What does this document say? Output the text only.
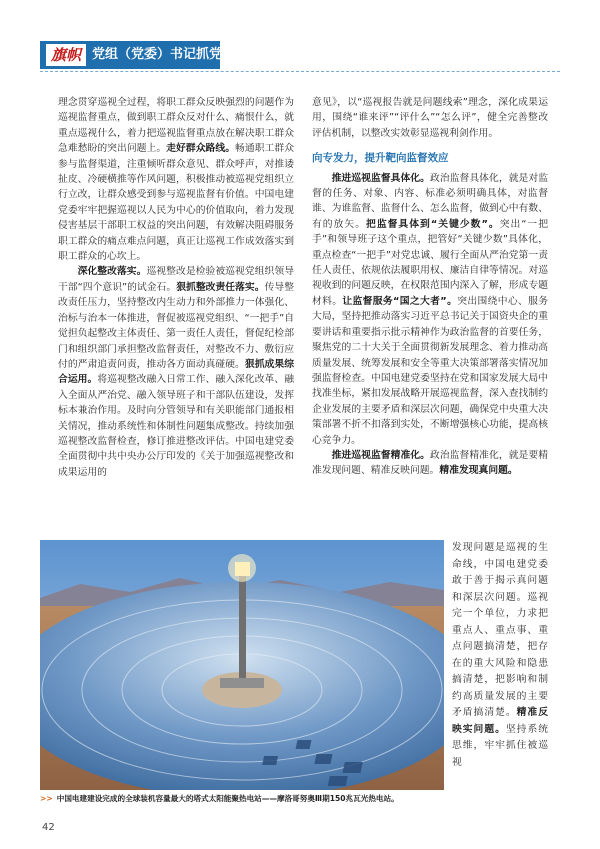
旗帜 党组（党委）书记抓党建

理念贯穿巡视全过程，将职工群众反映强烈的问题作为巡视监督重点，做到职工群众反对什么、痛恨什么，就重点巡视什么，着力把巡视监督重点放在解决职工群众急难愁盼的突出问题上。走好群众路线。畅通职工群众参与监督渠道，注重倾听群众意见、群众呼声，对推诿扯皮、冷硬横推等作风问题，积极推动被巡视党组织立行立改，让群众感受到参与巡视监督有价值。中国电建党委牢牢把握巡视以人民为中心的价值取向，着力发现侵害基层干部职工权益的突出问题，有效解决阻碍服务职工群众的痛点难点问题，真正让巡视工作成效落实到职工群众的心坎上。

深化整改落实。巡视整改是检验被巡视党组织领导干部“四个意识”的试金石。狠抓整改责任落实。传导整改责任压力，坚持整改内生动力和外部推力一体强化、治标与治本一体推进，督促被巡视党组织、“一把手”自觉担负起整改主体责任、第一责任人责任，督促纪检部门和组织部门承担整改监督责任，对整改不力、敷衍应付的严肃追责问责，推动各方面动真碰硬。狠抓成果综合运用。将巡视整改融入日常工作、融入深化改革、融入全面从严治党、融入领导班子和干部队伍建设，发挥标本兼治作用。及时向分管领导和有关职能部门通报相关情况，推动系统性和体制性问题集成整改。持续加强巡视整改监督检查，修订推进整改评估。中国电建党委全面贯彻中共中央办公厅印发的《关于加强巡视整改和成果运用的

意见》，以“巡视报告就是问题线索”理念，深化成果运用，围绕“谁来评”“评什么”“怎么评”，健全完善整改评估机制，以整改实效彰显巡视利剑作用。

向专发力，提升靶向监督效应

推进巡视监督具体化。政治监督具体化，就是对监督的任务、对象、内容、标准必须明确具体，对监督谁、为谁监督、监督什么、怎么监督，做到心中有数、有的放矢。把监督具体到“关键少数”。突出“一把手”和领导班子这个重点，把管好“关键少数”具体化，重点检查“一把手”对党忠诚、履行全面从严治党第一责任人责任、依规依法履职用权、廉洁自律等情况。对巡视收到的问题反映，在权限范围内深入了解，形成专题材料。让监督服务“国之大者”。突出围绕中心、服务大局，坚持把推动落实习近平总书记关于国资央企的重要讲话和重要指示批示精神作为政治监督的首要任务，聚焦党的二十大关于全面贯彻新发展理念、着力推动高质量发展、统筹发展和安全等重大决策部署落实情况加强监督检查。中国电建党委坚持在党和国家发展大局中找准坐标，紧扣发展战略开展巡视监督，深入查找制约企业发展的主要矛盾和深层次问题，确保党中央重大决策部署不折不扣落到实处，不断增强核心功能，提高核心竞争力。

推进巡视监督精准化。政治监督精准化，就是要精准发现问题、精准反映问题。精准发现真问题。

发现问题是巡视的生命线，中国电建党委敢于善于揭示真问题和深层次问题。巡视完一个单位，力求把重点人、重点事、重点问题搞清楚，把存在的重大风险和隐患搞清楚，把影响和制约高质量发展的主要矛盾搞清楚。精准反映实问题。坚持系统思维，牢牢抓住被巡视

>> 中国电建建设完成的全球装机容量最大的塔式太阳能聚热电站——摩洛哥努奥Ⅲ期150兆瓦光热电站。
42
